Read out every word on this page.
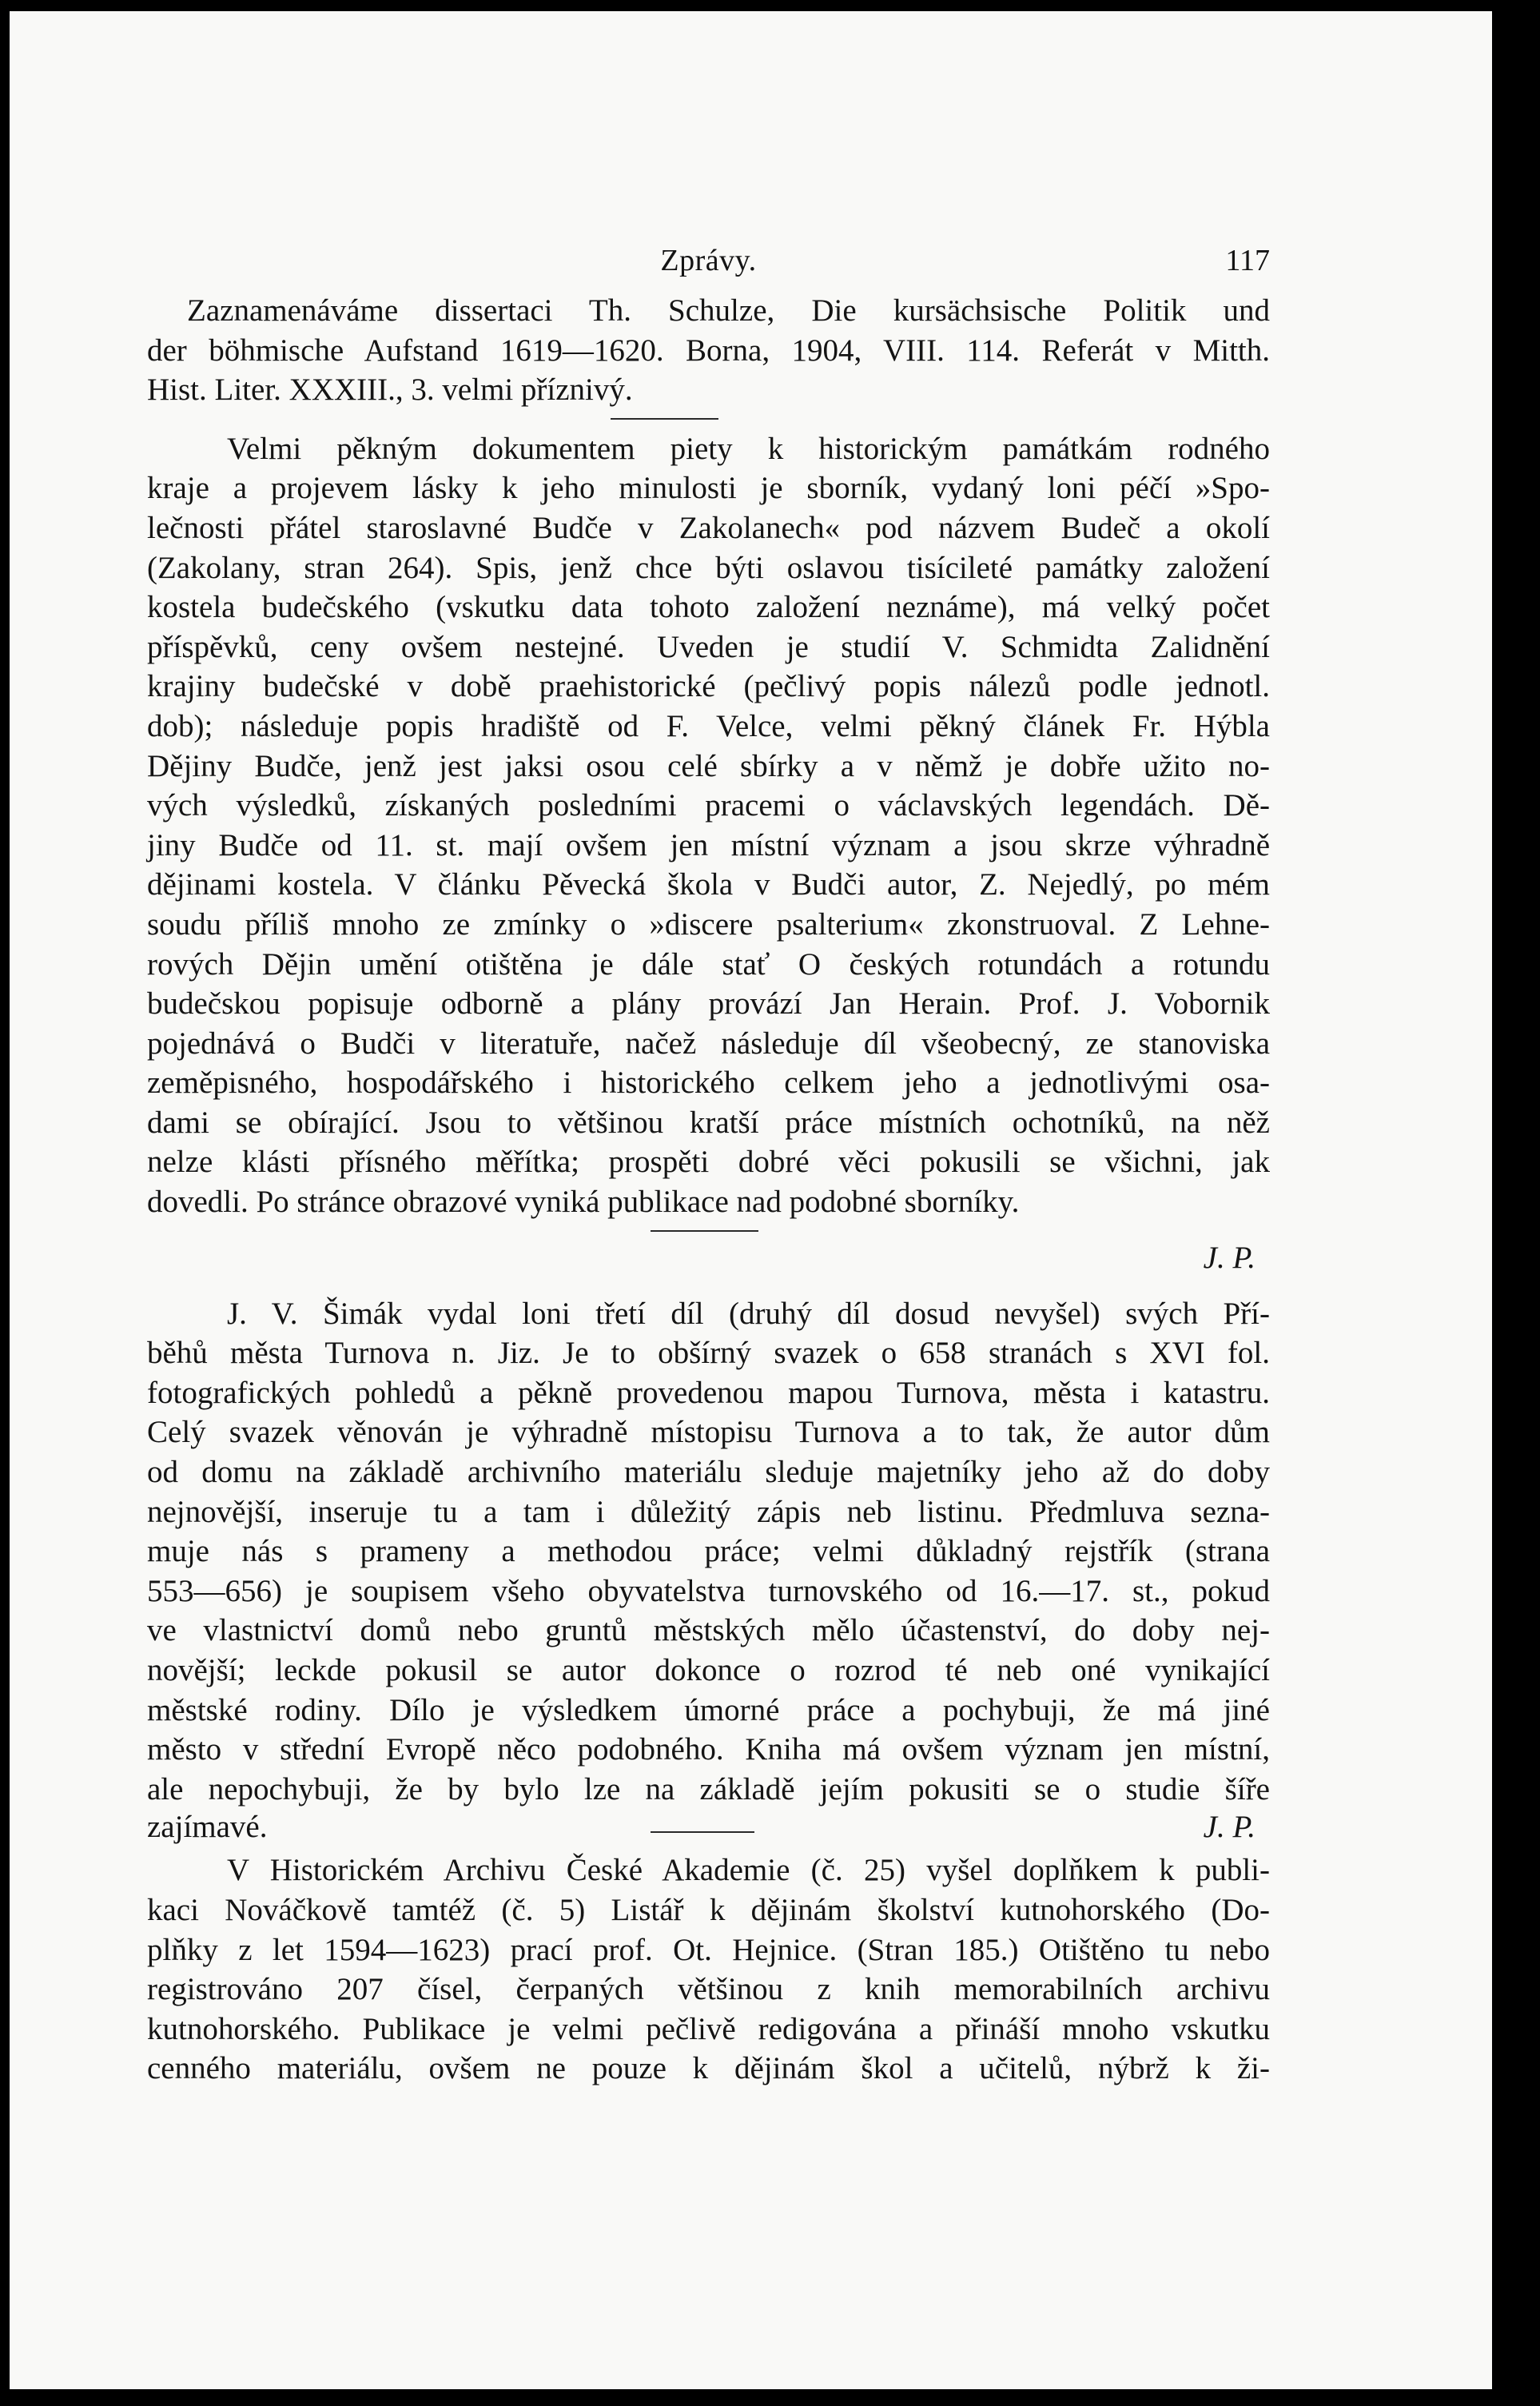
Zprávy.	117

Zaznamenáváme dissertaci Th. Schulze, Die kursächsische Politik und
der böhmische Aufstand 1619—1620. Borna, 1904, VIII. 114. Referát v Mitth.
Hist. Liter. XXXIII., 3. velmi příznivý.

Velmi pěkným dokumentem piety k historickým památkám rodného
kraje a projevem lásky k jeho minulosti je sborník, vydaný loni péčí »Spo-
lečnosti přátel staroslavné Budče v Zakolanech« pod názvem Budeč a okolí
(Zakolany, stran 264). Spis, jenž chce býti oslavou tisícileté památky založení
kostela budečského (vskutku data tohoto založení neznáme), má velký počet
příspěvků, ceny ovšem nestejné. Uveden je studií V. Schmidta Zalidnění
krajiny budečské v době praehistorické (pečlivý popis nálezů podle jednotl.
dob); následuje popis hradiště od F. Velce, velmi pěkný článek Fr. Hýbla
Dějiny Budče, jenž jest jaksi osou celé sbírky a v němž je dobře užito no-
vých výsledků, získaných posledními pracemi o václavských legendách. Dě-
jiny Budče od 11. st. mají ovšem jen místní význam a jsou skrze výhradně
dějinami kostela. V článku Pěvecká škola v Budči autor, Z. Nejedlý, po mém
soudu příliš mnoho ze zmínky o »discere psalterium« zkonstruoval. Z Lehne-
rových Dějin umění otištěna je dále stať O českých rotundách a rotundu
budečskou popisuje odborně a plány provází Jan Herain. Prof. J. Vobornik
pojednává o Budči v literatuře, načež následuje díl všeobecný, ze stanoviska
zeměpisného, hospodářského i historického celkem jeho a jednotlivými osa-
dami se obírající. Jsou to většinou kratší práce místních ochotníků, na něž
nelze klásti přísného měřítka; prospěti dobré věci pokusili se všichni, jak
dovedli. Po stránce obrazové vyniká publikace nad podobné sborníky.

J. P.

J. V. Šimák vydal loni třetí díl (druhý díl dosud nevyšel) svých Pří-
běhů města Turnova n. Jiz. Je to obšírný svazek o 658 stranách s XVI fol.
fotografických pohledů a pěkně provedenou mapou Turnova, města i katastru.
Celý svazek věnován je výhradně místopisu Turnova a to tak, že autor dům
od domu na základě archivního materiálu sleduje majetníky jeho až do doby
nejnovější, inseruje tu a tam i důležitý zápis neb listinu. Předmluva sezna-
muje nás s prameny a methodou práce; velmi důkladný rejstřík (strana
553—656) je soupisem všeho obyvatelstva turnovského od 16.—17. st., pokud
ve vlastnictví domů nebo gruntů městských mělo účastenství, do doby nej-
novější; leckde pokusil se autor dokonce o rozrod té neb oné vynikající
městské rodiny. Dílo je výsledkem úmorné práce a pochybuji, že má jiné
město v střední Evropě něco podobného. Kniha má ovšem význam jen místní,
ale nepochybuji, že by bylo lze na základě jejím pokusiti se o studie šíře

zajímavé.	J. P.

V Historickém Archivu České Akademie (č. 25) vyšel doplňkem k publi-
kaci Nováčkově tamtéž (č. 5) Listář k dějinám školství kutnohorského (Do-
plňky z let 1594—1623) prací prof. Ot. Hejnice. (Stran 185.) Otištěno tu nebo
registrováno 207 čísel, čerpaných většinou z knih memorabilních archivu
kutnohorského. Publikace je velmi pečlivě redigována a přináší mnoho vskutku
cenného materiálu, ovšem ne pouze k dějinám škol a učitelů, nýbrž k ži-
